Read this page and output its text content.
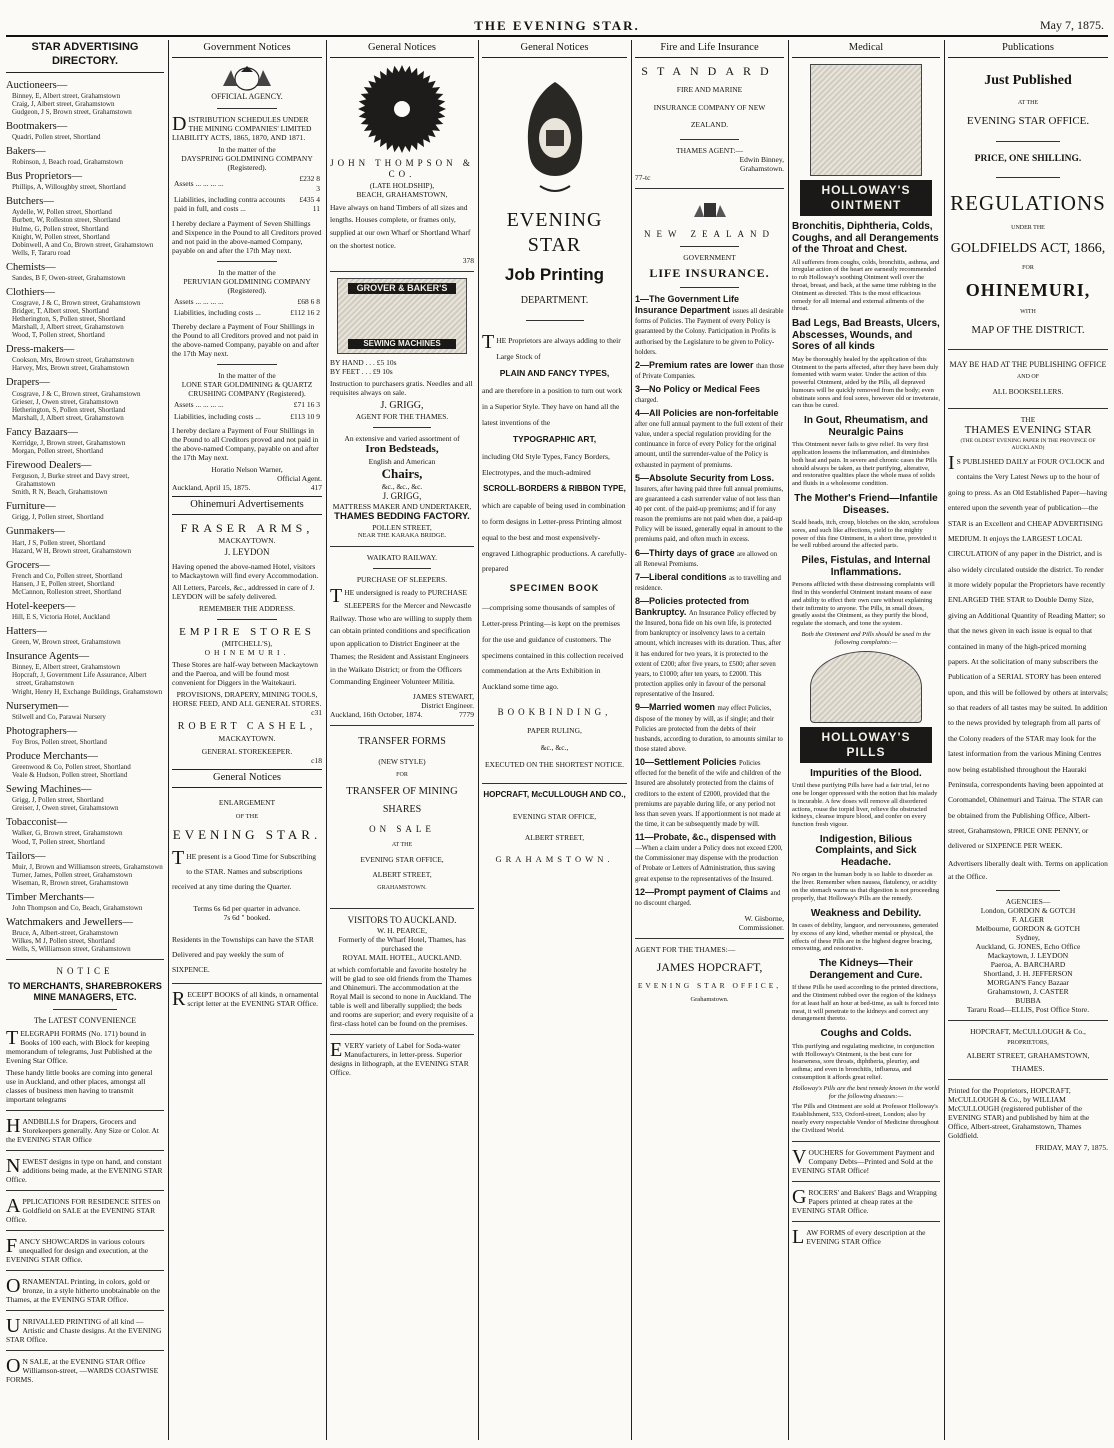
THE EVENING STAR.	May 7, 1875.
STAR ADVERTISING DIRECTORY.
Auctioneers—
Binney, E, Albert street, Grahamstown
Craig, J, Albert street, Grahamstown
Gudgeon, J S, Brown street, Grahamstown
Bootmakers—
Quadri, Pollen street, Shortland
Bakers—
Robinson, J, Beach road, Grahamstown
Bus Proprietors—
Phillips, A, Willoughby street, Shortland
Butchers—
Aydelle, W, Pollen street, Shortland
Burbett, W, Rolleston street, Shortland
Hulme, G, Pollen street, Shortland
Knight, W, Pollen street, Shortland
Dobinwell, A and Co, Brown street, Grahamstown
Wells, F, Tararu road
Chemists—
Sandes, B F, Owen-street, Grahamstown
Clothiers—
Cosgrave, J & C, Brown street, Grahamstown
Bridger, T, Albert street, Shortland
Hetherington, S, Pollen street, Shortland
Marshall, J, Albert street, Grahamstown
Wood, T, Pollen street, Shortland
Dress-makers—
Cookson, Mrs, Brown street, Grahamstown
Harvey, Mrs, Brown street, Grahamstown
Drapers—
Cosgrave, J & C, Brown street, Grahamstown
Grieser, J, Owen street, Grahamstown
Hetherington, S, Pollen street, Shortland
Marshall, J, Albert street, Grahamstown
Fancy Bazaars—
Kerridge, J, Brown street, Grahamstown
Morgan, Pollen street, Shortland
Firewood Dealers—
Ferguson, J, Burke street and Davy street, Grahamstown
Smith, R N, Beach, Grahamstown
Furniture—
Grigg, J, Pollen street, Shortland
Gunmakers—
Hart, J S, Pollen street, Shortland
Hazard, W H, Brown street, Grahamstown
Grocers—
French and Co, Pollen street, Shortland
Hansen, J E, Pollen street, Shortland
McCannon, Rolleston street, Shortland
Hotel-keepers—
Hill, E S, Victoria Hotel, Auckland
Hatters—
Green, W, Brown street, Grahamstown
Insurance Agents—
Binney, E, Albert street, Grahamstown
Hopcraft, J, Government Life Assurance, Albert street, Grahamstown
Wright, Henry H, Exchange Buildings, Grahamstown
Nurserymen—
Stilwell and Co, Parawai Nursery
Photographers—
Foy Bros, Pollen street, Shortland
Produce Merchants—
Greenwood & Co, Pollen street, Shortland
Veale & Hudson, Pollen street, Shortland
Sewing Machines—
Grigg, J, Pollen street, Shortland
Greiser, J, Owen street, Grahamstown
Tobacconist—
Walker, G, Brown street, Grahamstown
Wood, T, Pollen street, Shortland
Tailors—
Muir, J, Brown and Williamson streets, Grahamstown
Turner, James, Pollen street, Grahamstown
Wiseman, R, Brown street, Grahamstown
Timber Merchants—
John Thompson and Co, Beach, Grahamstown
Watchmakers and Jewellers—
Bruce, A, Albert-street, Grahamstown
Wilkes, M J, Pollen street, Shortland
Wells, S, Williamson street, Grahamstown
NOTICE
TO MERCHANTS, SHAREBROKERS MINE MANAGERS, ETC.
The LATEST CONVENIENCE

TELEGRAPH FORMS (No. 171) bound in Books of 100 each, with Block for keeping memorandum of telegrams, Just Published at the Evening Star Office.

These handy little books are coming into general use in Auckland, and other places, amongst all classes of business men having to transmit important telegrams

HANDBILLS for Drapers, Grocers and Storekeepers generally. Any Size or Color. At the EVENING STAR Office

NEWEST designs in type on hand, and constant additions being made, at the EVENING STAR Office.

APPLICATIONS FOR RESIDENCE SITES on Goldfield on SALE at the EVENING STAR Office.

FANCY SHOWCARDS in various colours unequalled for design and execution, at the EVENING STAR Office.

ORNAMENTAL Printing, in colors, gold or bronze, in a style hitherto unobtainable on the Thames, at the EVENING STAR Office.

UNRIVALLED PRINTING of all kind —Artistic and Chaste designs. At the EVENING STAR Office.

ON SALE, at the EVENING STAR Office Williamson-street, —WARDS COASTWISE FORMS.

Government Notices
OFFICIAL AGENCY.

DISTRIBUTION SCHEDULES UNDER THE MINING COMPANIES' LIMITED LIABILITY ACTS, 1865, 1870, AND 1871.

In the matter of the
DAYSPRING GOLDMINING COMPANY
(Registered).
Assets ... ... ... ...	£232 8 3
Liabilities, including contra accounts paid in full, and costs ...	£435 4 11

I hereby declare a Payment of Seven Shillings and Sixpence in the Pound to all Creditors proved and not paid in the above-named Company, payable on and after the 17th May next.

In the matter of the
PERUVIAN GOLDMINING COMPANY
(Registered).
Assets ... ... ... ...	£68 6 8
Liabilities, including costs ...	£112 16 2

Thereby declare a Payment of Four Shillings in the Pound to all Creditors proved and not paid in the above-named Company, payable on and after the 17th May next.

In the matter of the
LONE STAR GOLDMINING & QUARTZ CRUSHING COMPANY (Registered).
Assets ... ... ... ...	£71 16 3
Liabilities, including costs ...	£113 10 9

I hereby declare a Payment of Four Shillings in the Pound to all Creditors proved and not paid in the above-named Company, payable on and after the 17th May next.

Horatio Nelson Warner,
Official Agent.
Auckland, April 15, 1875.	417
Ohinemuri Advertisements
FRASER ARMS,
MACKAYTOWN.
J. LEYDON

Having opened the above-named Hotel, visitors to Mackaytown will find every Accommodation.

All Letters, Parcels, &c., addressed in care of J. LEYDON will be safely delivered.

REMEMBER THE ADDRESS.
EMPIRE STORES
(MITCHELL'S),
OHINEMURI.

These Stores are half-way between Mackaytown and the Paeroa, and will be found most convenient for Diggers in the Waitekauri.

PROVISIONS, DRAPERY, MINING TOOLS, HORSE FEED, AND ALL GENERAL STORES.
c31
ROBERT CASHEL,
MACKAYTOWN.
GENERAL STOREKEEPER.
c18
General Notices
ENLARGEMENT
OF THE
EVENING STAR.

THE present is a Good Time for Subscribing to the STAR. Names and subscriptions received at any time during the Quarter.

Terms 6s 6d per quarter in advance.
7s 6d " booked.

Residents in the Townships can have the STAR Delivered and pay weekly the sum of SIXPENCE.

RECEIPT BOOKS of all kinds, n ornamental script letter at the EVENING STAR Office.

General Notices
JOHN THOMPSON & CO.
(LATE HOLDSHIP),
BEACH, GRAHAMSTOWN,

Have always on hand Timbers of all sizes and lengths. Houses complete, or frames only, supplied at our own Wharf or Shortland Wharf on the shortest notice.

378
GROVER & BAKER'S
SEWING MACHINES
BY HAND . . . £5 10s
BY FEET . . . £9 10s

Instruction to purchasers gratis. Needles and all requisites always on sale.

J. GRIGG,
AGENT FOR THE THAMES.
An extensive and varied assortment of
Iron Bedsteads,
English and American
Chairs,
&c., &c., &c.
J. GRIGG,
MATTRESS MAKER AND UNDERTAKER,
THAMES BEDDING FACTORY.
POLLEN STREET,
NEAR THE KARAKA BRIDGE.
WAIKATO RAILWAY.
PURCHASE OF SLEEPERS.

THE undersigned is ready to PURCHASE SLEEPERS for the Mercer and Newcastle Railway. Those who are willing to supply them can obtain printed conditions and specification upon application to District Engineer at the Thames; the Resident and Assistant Engineers in the Waikato District; or from the Officers Commanding Engineer Volunteer Militia.

JAMES STEWART,
District Engineer.
Auckland, 16th October, 1874.	7779
TRANSFER FORMS
(NEW STYLE)
FOR
TRANSFER OF MINING
SHARES
ON SALE
AT THE
EVENING STAR OFFICE,
ALBERT STREET,
GRAHAMSTOWN.
VISITORS TO AUCKLAND.
W. H. PEARCE,
Formerly of the Wharf Hotel, Thames, has purchased the
ROYAL MAIL HOTEL, AUCKLAND.

at which comfortable and favorite hostelry he will be glad to see old friends from the Thames and Ohinemuri. The accommodation at the Royal Mail is second to none in Auckland. The table is well and liberally supplied; the beds and rooms are superior; and every requisite of a first-class hotel can be found on the premises.

EVERY variety of Label for Soda-water Manufacturers, in letter-press. Superior designs in lithograph, at the EVENING STAR Office.

General Notices
EVENING STAR
Job Printing
DEPARTMENT.

THE Proprietors are always adding to their Large Stock of

PLAIN AND FANCY TYPES,

and are therefore in a position to turn out work in a Superior Style. They have on hand all the latest inventions of the

TYPOGRAPHIC ART,

including Old Style Types, Fancy Borders, Electrotypes, and the much-admired

SCROLL-BORDERS & RIBBON TYPE,

which are capable of being used in combination to form designs in Letter-press Printing almost equal to the best and most expensively-engraved Lithographic productions. A carefully-prepared

SPECIMEN BOOK

—comprising some thousands of samples of Letter-press Printing—is kept on the premises for the use and guidance of customers. The specimens contained in this collection received commendation at the Arts Exhibition in Auckland some time ago.

BOOKBINDING,
PAPER RULING,
&c., &c.,
EXECUTED ON THE SHORTEST NOTICE.
HOPCRAFT, McCULLOUGH AND CO.,
EVENING STAR OFFICE,
ALBERT STREET,
GRAHAMSTOWN.
Fire and Life Insurance
STANDARD
FIRE AND MARINE
INSURANCE COMPANY OF NEW ZEALAND.
THAMES AGENT:—
Edwin Binney,
Grahamstown.
77-tc
NEW ZEALAND
GOVERNMENT
LIFE INSURANCE.

1—The Government Life Insurance Department issues all desirable forms of Policies. The Payment of every Policy is guaranteed by the Colony. Participation in Profits is authorised by the Legislature to be given to Policy-holders.

2—Premium rates are lower than those of Private Companies.

3—No Policy or Medical Fees charged.

4—All Policies are non-forfeitable after one full annual payment to the full extent of their value, under a special regulation providing for the continuance in force of every Policy for the original amount, until the surrender-value of the Policy is exhausted in payment of premiums.

5—Absolute Security from Loss. Insurers, after having paid three full annual premiums, are guaranteed a cash surrender value of not less than 40 per cent. of the paid-up premiums; and if for any reason the premiums are not paid when due, a paid-up Policy will be issued, generally equal in amount to the premiums paid, and often much in excess.

6—Thirty days of grace are allowed on all Renewal Premiums.

7—Liberal conditions as to travelling and residence.

8—Policies protected from Bankruptcy. An Insurance Policy effected by the Insured, bona fide on his own life, is protected from bankruptcy or insolvency laws to a certain amount, which increases with its duration. Thus, after it has endured for two years, it is protected to the extent of £200; after five years, to £500; after seven years, to £1000; after ten years, to £2000. This protection applies only in favour of the personal representative of the Insured.

9—Married women may effect Policies, dispose of the money by will, as if single; and their Policies are protected from the debts of their husbands, according to duration, to amounts similar to those stated above.

10—Settlement Policies Policies effected for the benefit of the wife and children of the Insured are absolutely protected from the claims of creditors to the extent of £2000, provided that the premiums are payable during life, or any period not less than seven years. If apportionment is not made at the time, it can be subsequently made by will.

11—Probate, &c., dispensed with —When a claim under a Policy does not exceed £200, the Commissioner may dispense with the production of Probate or Letters of Administration, thus saving great expense to the representatives of the Insured.

12—Prompt payment of Claims and no discount charged.

W. Gisborne,
Commissioner.
AGENT FOR THE THAMES:—
JAMES HOPCRAFT,
EVENING STAR OFFICE,
Grahamstown.
Medical
HOLLOWAY'S OINTMENT
Bronchitis, Diphtheria, Colds, Coughs, and all Derangements of the Throat and Chest.

All sufferers from coughs, colds, bronchitis, asthma, and irregular action of the heart are earnestly recommended to rub Holloway's soothing Ointment well over the throat, breast, and back, at the same time rubbing in the Ointment as directed. This is the most efficacious remedy for all internal and external ailments of the throat.

Bad Legs, Bad Breasts, Ulcers, Abscesses, Wounds, and Sores of all kinds

May be thoroughly healed by the application of this Ointment to the parts affected, after they have been duly fomented with warm water. Under the action of this powerful Ointment, aided by the Pills, all depraved humours will be quickly removed from the body; even obstinate sores and foul sores, however old or inveterate, can thus be cured.

In Gout, Rheumatism, and Neuralgic Pains

This Ointment never fails to give relief. Its very first application lessens the inflammation, and diminishes both heat and pain. In severe and chronic cases the Pills should always be taken, as their purifying, alterative, and restorative qualities place the whole mass of solids and fluids in a wholesome condition.

The Mother's Friend—Infantile Diseases.

Scald heads, itch, croup, blotches on the skin, scrofulous sores, and such like affections, yield to the mighty power of this fine Ointment, in a short time, provided it be well rubbed around the affected parts.

Piles, Fistulas, and Internal Inflammations.

Persons afflicted with these distressing complaints will find in this wonderful Ointment instant means of ease and ability to effect their own cure without explaining their infirmity to anyone. The Pills, in small doses, greatly assist the Ointment, as they purify the blood, regulate the stomach, and tone the system.

Both the Ointment and Pills should be used in the following complaints:—

HOLLOWAY'S PILLS
Impurities of the Blood.

Until these purifying Pills have had a fair trial, let no one be longer oppressed with the notion that his malady is incurable. A few doses will remove all disordered actions, rouse the torpid liver, relieve the obstructed kidneys, cleanse impure blood, and confer on every function fresh vigour.

Indigestion, Bilious Complaints, and Sick Headache.

No organ in the human body is so liable to disorder as the liver. Remember when nausea, flatulency, or acidity on the stomach warns us that digestion is not proceeding properly, that Holloway's Pills are the remedy.

Weakness and Debility.

In cases of debility, languor, and nervousness, generated by excess of any kind, whether mental or physical, the effects of these Pills are in the highest degree bracing, renovating, and restorative.

The Kidneys—Their Derangement and Cure.

If these Pills be used according to the printed directions, and the Ointment rubbed over the region of the kidneys for at least half an hour at bed-time, as salt is forced into meat, it will penetrate to the kidneys and correct any derangement thereto.

Coughs and Colds.

This purifying and regulating medicine, in conjunction with Holloway's Ointment, is the best cure for hoarseness, sore throats, diphtheria, pleurisy, and asthma; and even in bronchitis, influenza, and consumption it affords great relief.

Holloway's Pills are the best remedy known in the world for the following diseases:—

The Pills and Ointment are sold at Professor Holloway's Establishment, 533, Oxford-street, London; also by nearly every respectable Vendor of Medicine throughout the Civilized World.

VOUCHERS for Government Payment and Company Debts—Printed and Sold at the EVENING STAR Office!

GROCERS' and Bakers' Bags and Wrapping Papers printed at cheap rates at the EVENING STAR Office.

LAW FORMS of every description at the EVENING STAR Office

Publications
Just Published
AT THE
EVENING STAR OFFICE.
PRICE, ONE SHILLING.
REGULATIONS
UNDER THE
GOLDFIELDS ACT, 1866,
FOR
OHINEMURI,
WITH
MAP OF THE DISTRICT.
MAY BE HAD AT THE PUBLISHING OFFICE
AND OF
ALL BOOKSELLERS.
THE
THAMES EVENING STAR
(THE OLDEST EVENING PAPER IN THE PROVINCE OF AUCKLAND)

IS PUBLISHED DAILY at FOUR O'CLOCK and contains the Very Latest News up to the hour of going to press. As an Old Established Paper—having entered upon the seventh year of publication—the STAR is an Excellent and CHEAP ADVERTISING MEDIUM. It enjoys the LARGEST LOCAL CIRCULATION of any paper in the District, and is also widely circulated outside the district. To render it more widely popular the Proprietors have recently ENLARGED THE STAR to Double Demy Size, giving an Additional Quantity of Reading Matter; so that the news given in each issue is equal to that contained in many of the high-priced morning papers. At the solicitation of many subscribers the Publication of a SERIAL STORY has been entered upon, and this will be followed by others at intervals; so that readers of all tastes may be suited. In addition to the news provided by telegraph from all parts of the Colony readers of the STAR may look for the latest information from the various Mining Centres now being established throughout the Hauraki Peninsula, correspondents having been appointed at Coromandel, Ohinemuri and Tairua. The STAR can be obtained from the Publishing Office, Albert-street, Grahamstown, PRICE ONE PENNY, or delivered or SIXPENCE PER WEEK.

Advertisers liberally dealt with. Terms on application at the Office.

AGENCIES—
London, GORDON & GOTCH
F. ALGER
Melbourne, GORDON & GOTCH
Sydney,
Auckland, G. JONES, Echo Office
Mackaytown, J. LEYDON
Paeroa, A. BARCHARD
Shortland, J. H. JEFFERSON
MORGAN'S Fancy Bazaar
Grahamstown, J. CASTER
BUBBA
Tararu Road—ELLIS, Post Office Store.
HOPCRAFT, McCULLOUGH & Co.,
PROPRIETORS,
ALBERT STREET, GRAHAMSTOWN,
THAMES.

Printed for the Proprietors, HOPCRAFT, McCULLOUGH & Co., by WILLIAM McCULLOUGH (registered publisher of the EVENING STAR) and published by him at the Office, Albert-street, Grahamstown, Thames Goldfield.

FRIDAY, MAY 7, 1875.
